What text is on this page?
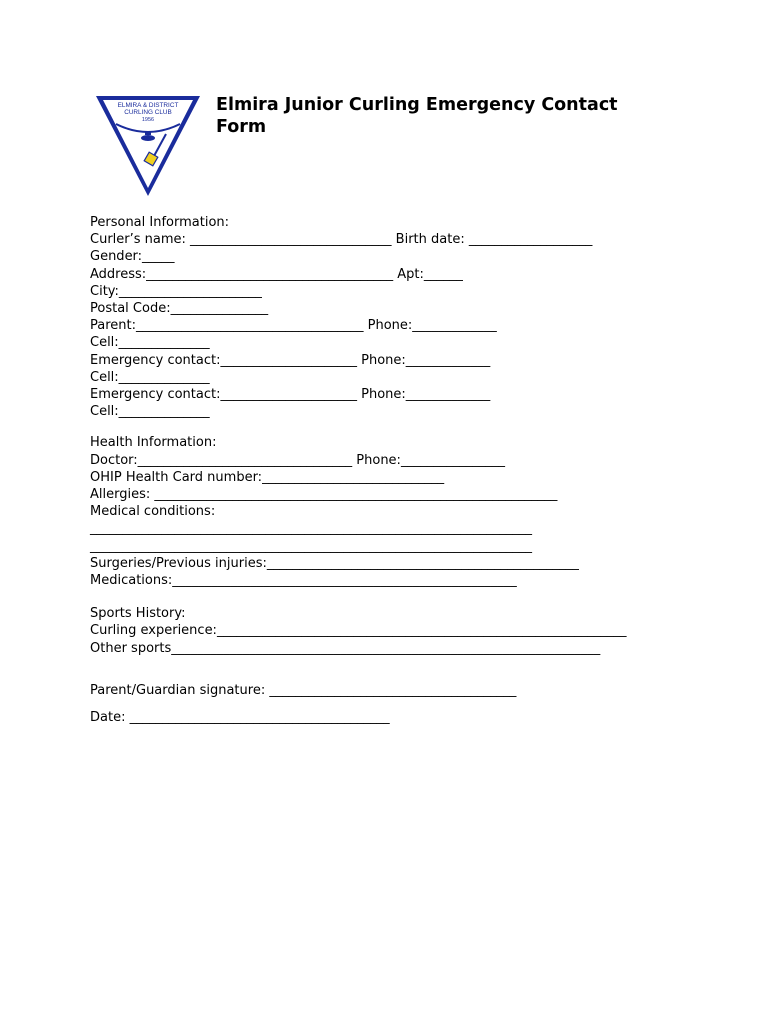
ELMIRA & DISTRICT
CURLING CLUB
1956
Elmira Junior Curling Emergency Contact Form
Personal Information:
Curler’s name: _______________________________ Birth date: ___________________
Gender:_____
Address:______________________________________ Apt:______
City:______________________
Postal Code:_______________
Parent:___________________________________ Phone:_____________
Cell:______________
Emergency contact:_____________________ Phone:_____________
Cell:______________
Emergency contact:_____________________ Phone:_____________
Cell:______________
Health Information:
Doctor:_________________________________ Phone:________________
OHIP Health Card number:____________________________
Allergies: ______________________________________________________________
Medical conditions:
____________________________________________________________________
____________________________________________________________________
Surgeries/Previous injuries:________________________________________________
Medications:_____________________________________________________
Sports History:
Curling experience:_______________________________________________________________
Other sports__________________________________________________________________
Parent/Guardian signature: ______________________________________
Date: ________________________________________
